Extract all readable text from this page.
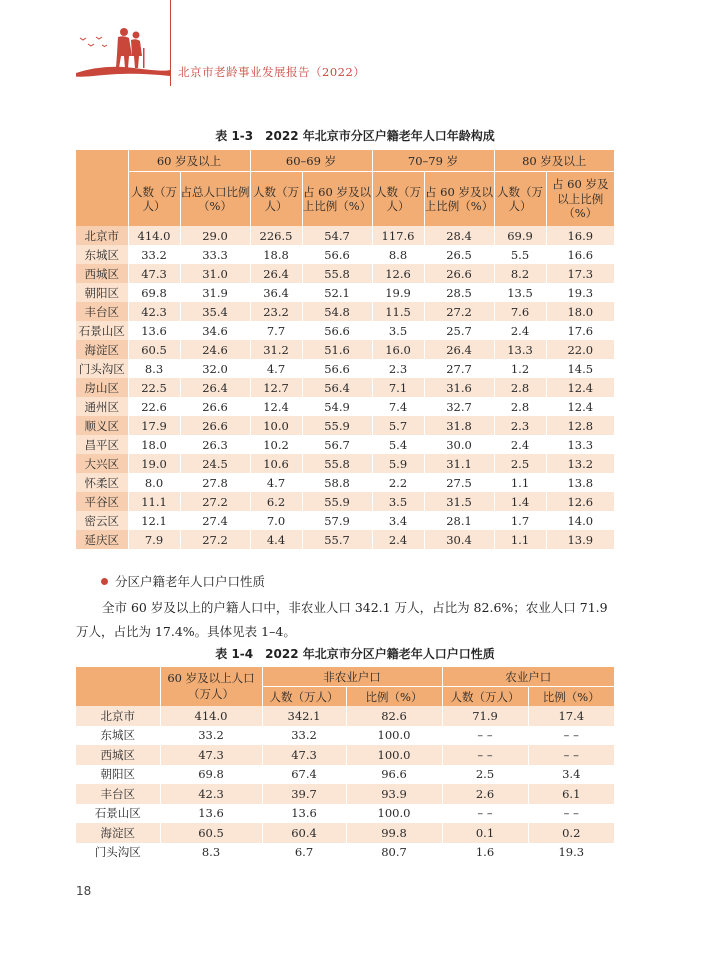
北京市老龄事业发展报告（2022）
表 1-3　2022 年北京市分区户籍老年人口年龄构成
	60 岁及以上		60–69 岁		70–79 岁		80 岁及以上	
	人数（万人）	占总人口比例（%）	人数（万人）	占 60 岁及以上比例（%）	人数（万人）	占 60 岁及以上比例（%）	人数（万人）	占 60 岁及以上比例（%）
北京市	414.0	29.0	226.5	54.7	117.6	28.4	69.9	16.9
东城区	33.2	33.3	18.8	56.6	8.8	26.5	5.5	16.6
西城区	47.3	31.0	26.4	55.8	12.6	26.6	8.2	17.3
朝阳区	69.8	31.9	36.4	52.1	19.9	28.5	13.5	19.3
丰台区	42.3	35.4	23.2	54.8	11.5	27.2	7.6	18.0
石景山区	13.6	34.6	7.7	56.6	3.5	25.7	2.4	17.6
海淀区	60.5	24.6	31.2	51.6	16.0	26.4	13.3	22.0
门头沟区	8.3	32.0	4.7	56.6	2.3	27.7	1.2	14.5
房山区	22.5	26.4	12.7	56.4	7.1	31.6	2.8	12.4
通州区	22.6	26.6	12.4	54.9	7.4	32.7	2.8	12.4
顺义区	17.9	26.6	10.0	55.9	5.7	31.8	2.3	12.8
昌平区	18.0	26.3	10.2	56.7	5.4	30.0	2.4	13.3
大兴区	19.0	24.5	10.6	55.8	5.9	31.1	2.5	13.2
怀柔区	8.0	27.8	4.7	58.8	2.2	27.5	1.1	13.8
平谷区	11.1	27.2	6.2	55.9	3.5	31.5	1.4	12.6
密云区	12.1	27.4	7.0	57.9	3.4	28.1	1.7	14.0
延庆区	7.9	27.2	4.4	55.7	2.4	30.4	1.1	13.9
分区户籍老年人口户口性质
全市 60 岁及以上的户籍人口中，非农业人口 342.1 万人，占比为 82.6%；农业人口 71.9 万人，占比为 17.4%。具体见表 1–4。
表 1-4　2022 年北京市分区户籍老年人口户口性质
	60 岁及以上人口（万人）	非农业户口		农业户口	
		人数（万人）	比例（%）	人数（万人）	比例（%）
北京市	414.0	342.1	82.6	71.9	17.4
东城区	33.2	33.2	100.0	– –	– –
西城区	47.3	47.3	100.0	– –	– –
朝阳区	69.8	67.4	96.6	2.5	3.4
丰台区	42.3	39.7	93.9	2.6	6.1
石景山区	13.6	13.6	100.0	– –	– –
海淀区	60.5	60.4	99.8	0.1	0.2
门头沟区	8.3	6.7	80.7	1.6	19.3
18
